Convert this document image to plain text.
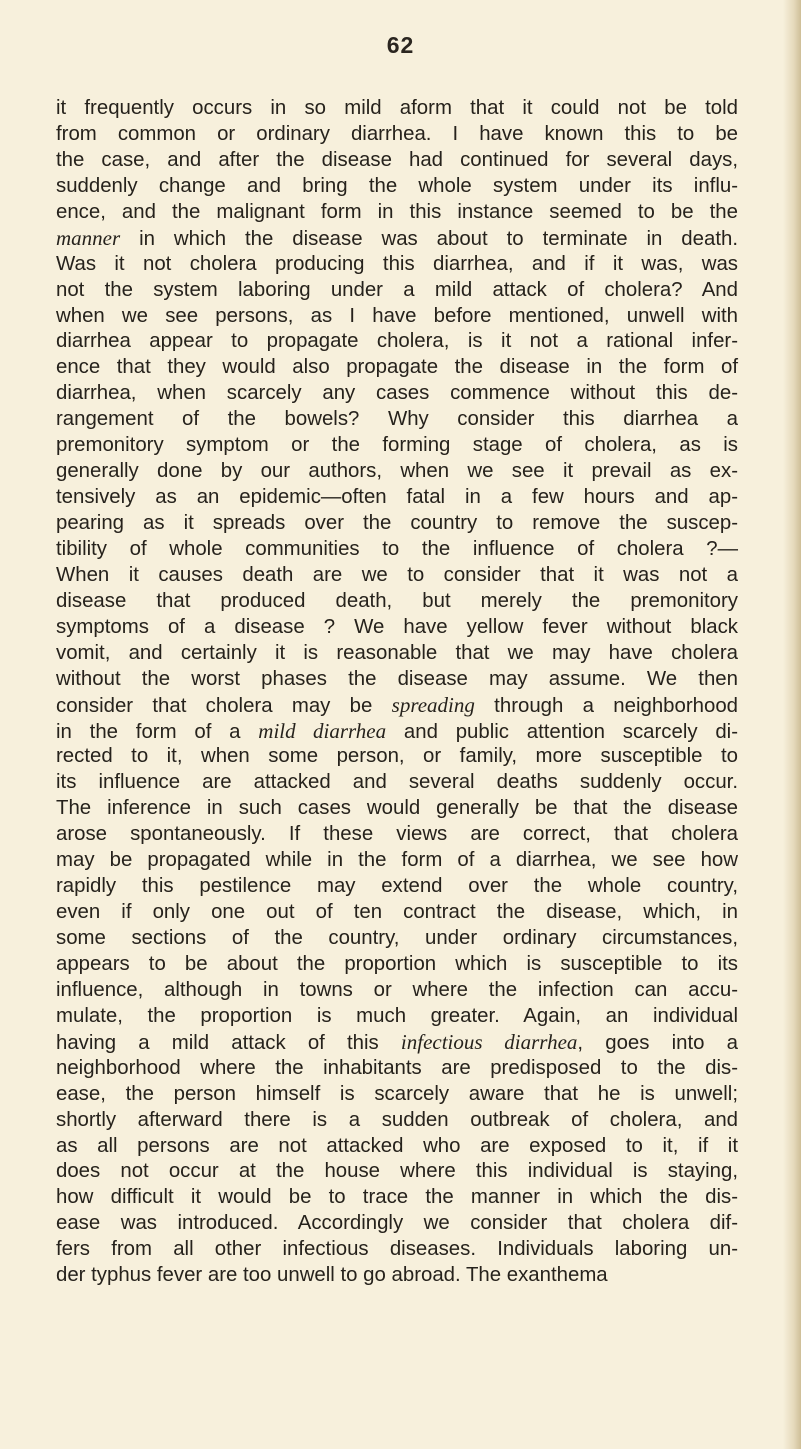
62
it frequently occurs in so mild aform that it could not be told
from common or ordinary diarrhea. I have known this to be
the case, and after the disease had continued for several days,
suddenly change and bring the whole system under its influ-
ence, and the malignant form in this instance seemed to be the
manner in which the disease was about to terminate in death.
Was it not cholera producing this diarrhea, and if it was, was
not the system laboring under a mild attack of cholera? And
when we see persons, as I have before mentioned, unwell with
diarrhea appear to propagate cholera, is it not a rational infer-
ence that they would also propagate the disease in the form of
diarrhea, when scarcely any cases commence without this de-
rangement of the bowels? Why consider this diarrhea a
premonitory symptom or the forming stage of cholera, as is
generally done by our authors, when we see it prevail as ex-
tensively as an epidemic—often fatal in a few hours and ap-
pearing as it spreads over the country to remove the suscep-
tibility of whole communities to the influence of cholera ?—
When it causes death are we to consider that it was not a
disease that produced death, but merely the premonitory
symptoms of a disease ? We have yellow fever without black
vomit, and certainly it is reasonable that we may have cholera
without the worst phases the disease may assume. We then
consider that cholera may be spreading through a neighborhood
in the form of a mild diarrhea and public attention scarcely di-
rected to it, when some person, or family, more susceptible to
its influence are attacked and several deaths suddenly occur.
The inference in such cases would generally be that the disease
arose spontaneously. If these views are correct, that cholera
may be propagated while in the form of a diarrhea, we see how
rapidly this pestilence may extend over the whole country,
even if only one out of ten contract the disease, which, in
some sections of the country, under ordinary circumstances,
appears to be about the proportion which is susceptible to its
influence, although in towns or where the infection can accu-
mulate, the proportion is much greater. Again, an individual
having a mild attack of this infectious diarrhea, goes into a
neighborhood where the inhabitants are predisposed to the dis-
ease, the person himself is scarcely aware that he is unwell;
shortly afterward there is a sudden outbreak of cholera, and
as all persons are not attacked who are exposed to it, if it
does not occur at the house where this individual is staying,
how difficult it would be to trace the manner in which the dis-
ease was introduced. Accordingly we consider that cholera dif-
fers from all other infectious diseases. Individuals laboring un-
der typhus fever are too unwell to go abroad. The exanthema
